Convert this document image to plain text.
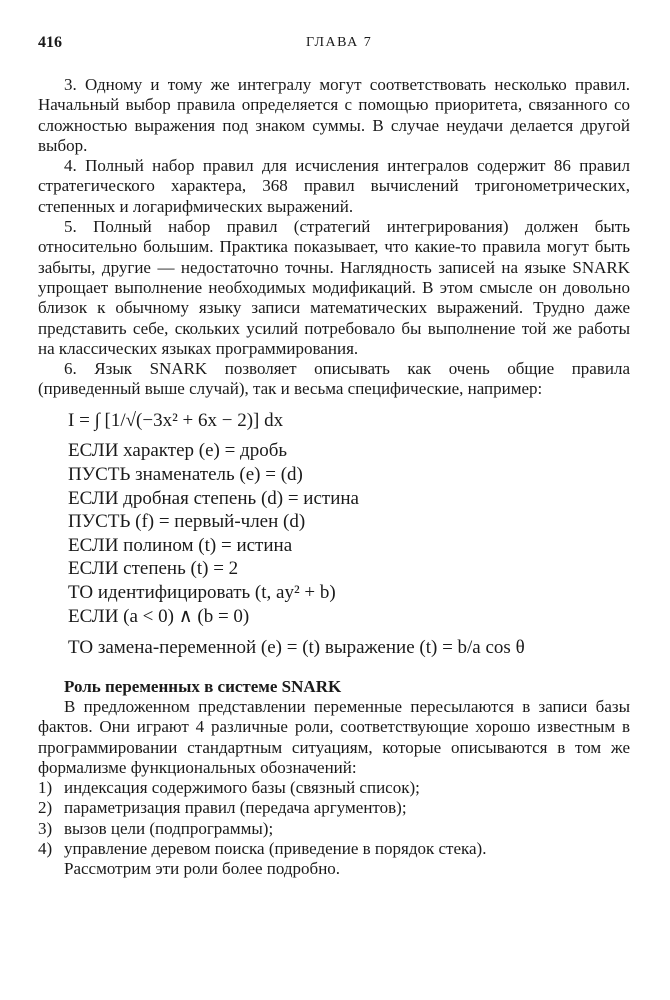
416	ГЛАВА 7

3. Одному и тому же интегралу могут соответствовать несколько правил. Начальный выбор правила определяется с помощью приоритета, связанного со сложностью выражения под знаком суммы. В случае неудачи делается другой выбор.

4. Полный набор правил для исчисления интегралов содержит 86 правил стратегического характера, 368 правил вычислений тригонометрических, степенных и логарифмических выражений.

5. Полный набор правил (стратегий интегрирования) должен быть относительно большим. Практика показывает, что какие-то правила могут быть забыты, другие — недостаточно точны. Наглядность записей на языке SNARK упрощает выполнение необходимых модификаций. В этом смысле он довольно близок к обычному языку записи математических выражений. Трудно даже представить себе, скольких усилий потребовало бы выполнение той же работы на классических языках программирования.

6. Язык SNARK позволяет описывать как очень общие правила (приведенный выше случай), так и весьма специфические, например:

I = ∫ [1/√(−3x² + 6x − 2)] dx
ЕСЛИ характер (e) = дробь
ПУСТЬ знаменатель (e) = (d)
ЕСЛИ дробная степень (d) = истина
ПУСТЬ (f) = первый-член (d)
ЕСЛИ полином (t) = истина
ЕСЛИ степень (t) = 2
ТО идентифицировать (t, ay² + b)
ЕСЛИ (a < 0) ∧ (b = 0)
ТО замена-переменной (e) = (t) выражение (t) = b/a cos θ
Роль переменных в системе SNARK

В предложенном представлении переменные пересылаются в записи базы фактов. Они играют 4 различные роли, соответствующие хорошо известным в программировании стандартным ситуациям, которые описываются в том же формализме функциональных обозначений:

1) индексация содержимого базы (связный список);
2) параметризация правил (передача аргументов);
3) вызов цели (подпрограммы);
4) управление деревом поиска (приведение в порядок стека).

Рассмотрим эти роли более подробно.
